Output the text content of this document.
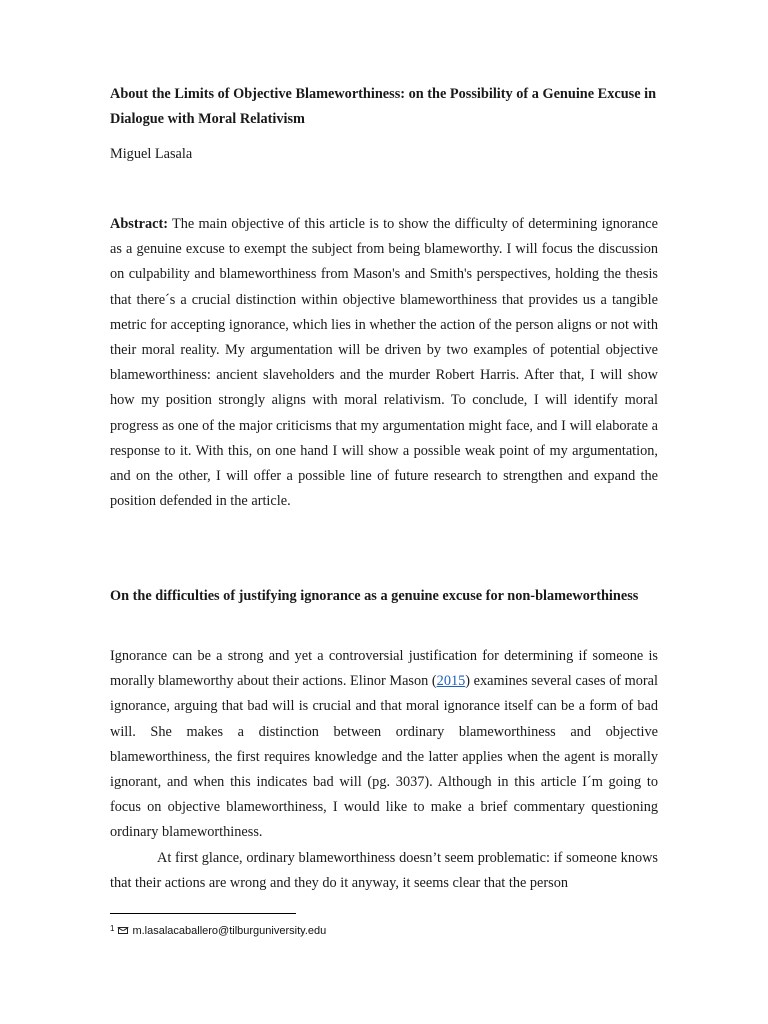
About the Limits of Objective Blameworthiness: on the Possibility of a Genuine Excuse in Dialogue with Moral Relativism
Miguel Lasala
Abstract: The main objective of this article is to show the difficulty of determining ignorance as a genuine excuse to exempt the subject from being blameworthy. I will focus the discussion on culpability and blameworthiness from Mason's and Smith's perspectives, holding the thesis that there´s a crucial distinction within objective blameworthiness that provides us a tangible metric for accepting ignorance, which lies in whether the action of the person aligns or not with their moral reality. My argumentation will be driven by two examples of potential objective blameworthiness: ancient slaveholders and the murder Robert Harris. After that, I will show how my position strongly aligns with moral relativism. To conclude, I will identify moral progress as one of the major criticisms that my argumentation might face, and I will elaborate a response to it. With this, on one hand I will show a possible weak point of my argumentation, and on the other, I will offer a possible line of future research to strengthen and expand the position defended in the article.
On the difficulties of justifying ignorance as a genuine excuse for non-blameworthiness

Ignorance can be a strong and yet a controversial justification for determining if someone is morally blameworthy about their actions. Elinor Mason (2015) examines several cases of moral ignorance, arguing that bad will is crucial and that moral ignorance itself can be a form of bad will. She makes a distinction between ordinary blameworthiness and objective blameworthiness, the first requires knowledge and the latter applies when the agent is morally ignorant, and when this indicates bad will (pg. 3037). Although in this article I´m going to focus on objective blameworthiness, I would like to make a brief commentary questioning ordinary blameworthiness.

At first glance, ordinary blameworthiness doesn’t seem problematic: if someone knows that their actions are wrong and they do it anyway, it seems clear that the person

$^1$ m.lasalacaballero@tilburguniversity.edu
